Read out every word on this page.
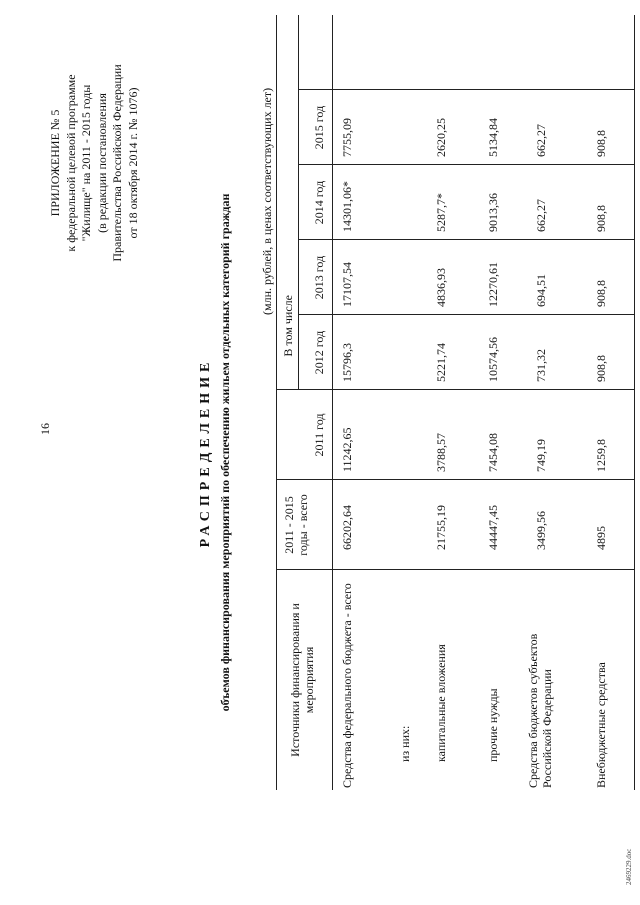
16
ПРИЛОЖЕНИЕ № 5 к федеральной целевой программе "Жилище" на 2011 - 2015 годы (в редакции постановления Правительства Российской Федерации от 18 октября 2014 г. № 1076)
РАСПРЕДЕЛЕНИЕ объемов финансирования мероприятий по обеспечению жильем отдельных категорий граждан (млн. рублей, в ценах соответствующих лет)
Источники финансирования и мероприятия
2011 - 2015 годы - всего
В том числе
2011 год
2012 год
2013 год
2014 год
2015 год
Средства федерального бюджета - всего
66202,64
11242,65
15796,3
17107,54
14301,06*
7755,09
из них: капитальные вложения
21755,19
3788,57
5221,74
4836,93
5287,7*
2620,25
прочие нужды
44447,45
7454,08
10574,56
12270,61
9013,36
5134,84
Средства бюджетов субъектов Российской Федерации
3499,56
749,19
731,32
694,51
662,27
662,27
Внебюджетные средства
4895
1259,8
908,8
908,8
908,8
908,8
2469229.doc
